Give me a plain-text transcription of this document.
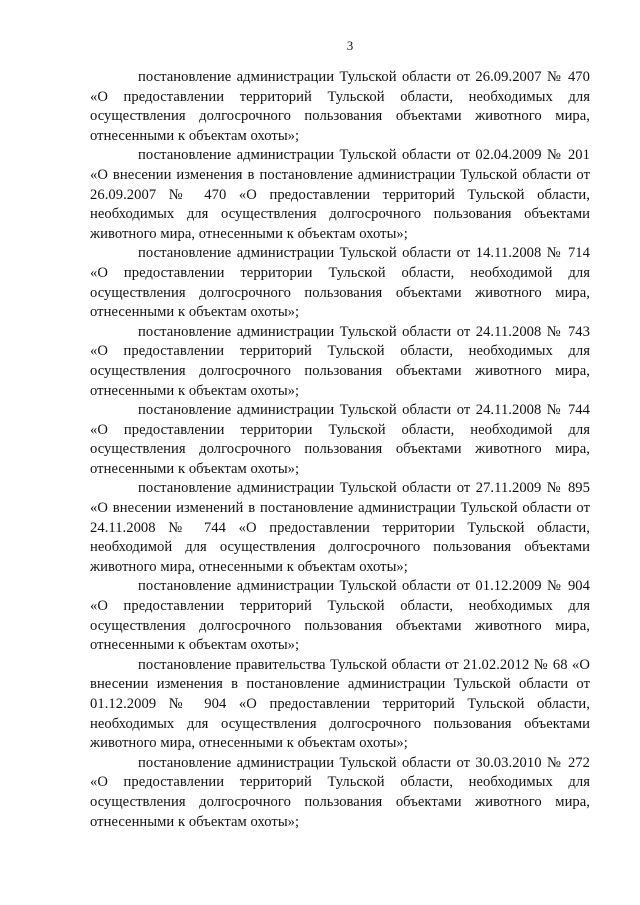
3

постановление администрации Тульской области от 26.09.2007 № 470 «О предоставлении территорий Тульской области, необходимых для осуществления долгосрочного пользования объектами животного мира, отнесенными к объектам охоты»;

постановление администрации Тульской области от 02.04.2009 № 201 «О внесении изменения в постановление администрации Тульской области от 26.09.2007 № 470 «О предоставлении территорий Тульской области, необходимых для осуществления долгосрочного пользования объектами животного мира, отнесенными к объектам охоты»;

постановление администрации Тульской области от 14.11.2008 № 714 «О предоставлении территории Тульской области, необходимой для осуществления долгосрочного пользования объектами животного мира, отнесенными к объектам охоты»;

постановление администрации Тульской области от 24.11.2008 № 743 «О предоставлении территорий Тульской области, необходимых для осуществления долгосрочного пользования объектами животного мира, отнесенными к объектам охоты»;

постановление администрации Тульской области от 24.11.2008 № 744 «О предоставлении территории Тульской области, необходимой для осуществления долгосрочного пользования объектами животного мира, отнесенными к объектам охоты»;

постановление администрации Тульской области от 27.11.2009 № 895 «О внесении изменений в постановление администрации Тульской области от 24.11.2008 № 744 «О предоставлении территории Тульской области, необходимой для осуществления долгосрочного пользования объектами животного мира, отнесенными к объектам охоты»;

постановление администрации Тульской области от 01.12.2009 № 904 «О предоставлении территорий Тульской области, необходимых для осуществления долгосрочного пользования объектами животного мира, отнесенными к объектам охоты»;

постановление правительства Тульской области от 21.02.2012 № 68 «О внесении изменения в постановление администрации Тульской области от 01.12.2009 № 904 «О предоставлении территорий Тульской области, необходимых для осуществления долгосрочного пользования объектами животного мира, отнесенными к объектам охоты»;

постановление администрации Тульской области от 30.03.2010 № 272 «О предоставлении территорий Тульской области, необходимых для осуществления долгосрочного пользования объектами животного мира, отнесенными к объектам охоты»;
